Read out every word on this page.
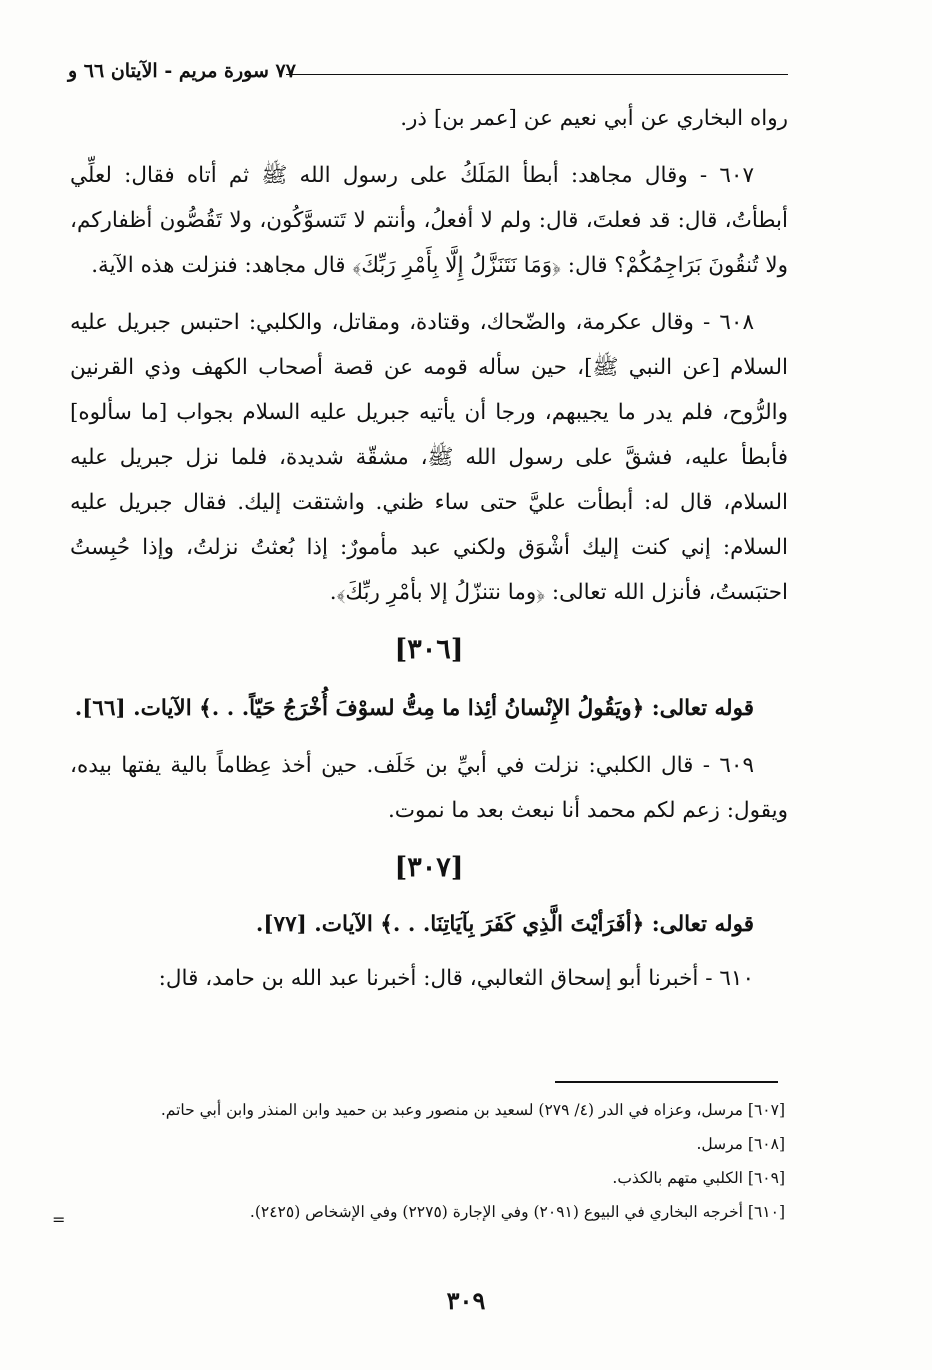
٧٧ سورة مريم - الآيتان ٦٦ و

رواه البخاري عن أبي نعيم عن [عمر بن] ذر.

٦٠٧ - وقال مجاهد: أبطأ المَلَكُ على رسول الله ﷺ ثم أتاه فقال: لعلِّي أبطأتُ، قال: قد فعلتَ، قال: ولم لا أفعلُ، وأنتم لا تَتسوَّكُون، ولا تَقُصُّون أظفاركم، ولا تُنقُونَ بَرَاجِمُكُمْ؟ قال: ﴿وَمَا نَتَنَزَّلُ إِلَّا بِأَمْرِ رَبِّكَ﴾ قال مجاهد: فنزلت هذه الآية.

٦٠٨ - وقال عكرمة، والضّحاك، وقتادة، ومقاتل، والكلبي: احتبس جبريل عليه السلام [عن النبي ﷺ]، حين سأله قومه عن قصة أصحاب الكهف وذي القرنين والرُّوح، فلم يدر ما يجيبهم، ورجا أن يأتيه جبريل عليه السلام بجواب [ما سألوه] فأبطأ عليه، فشقَّ على رسول الله ﷺ، مشقّة شديدة، فلما نزل جبريل عليه السلام، قال له: أبطأت عليَّ حتى ساء ظني. واشتقت إليك. فقال جبريل عليه السلام: إني كنت إليك أشْوَق ولكني عبد مأمورٌ: إذا بُعثتُ نزلتُ، وإذا حُبِستُ احتبَستُ، فأنزل الله تعالى: ﴿وما نتنزّلُ إلا بأمْرِ ربِّكَ﴾.

[٣٠٦]

قوله تعالى: ﴿ويَقُولُ الإِنْسانُ أئِذا ما مِتُّ لسوْفَ أُخْرَجُ حَيّاً. . .﴾ الآيات. [٦٦].

٦٠٩ - قال الكلبي: نزلت في أبيِّ بن خَلَف. حين أخذ عِظاماً بالية يفتها بيده، ويقول: زعم لكم محمد أنا نبعث بعد ما نموت.

[٣٠٧]

قوله تعالى: ﴿أفَرَأيْتَ الَّذِي كَفَرَ بِآيَاتِنَا. . .﴾ الآيات. [٧٧].

٦١٠ - أخبرنا أبو إسحاق الثعالبي، قال: أخبرنا عبد الله بن حامد، قال:

[٦٠٧] مرسل، وعزاه في الدر (٤/ ٢٧٩) لسعيد بن منصور وعبد بن حميد وابن المنذر وابن أبي حاتم.

[٦٠٨] مرسل.

[٦٠٩] الكلبي متهم بالكذب.

[٦١٠] أخرجه البخاري في البيوع (٢٠٩١) وفي الإجارة (٢٢٧٥) وفي الإشخاص (٢٤٢٥).

=
٣٠٩
